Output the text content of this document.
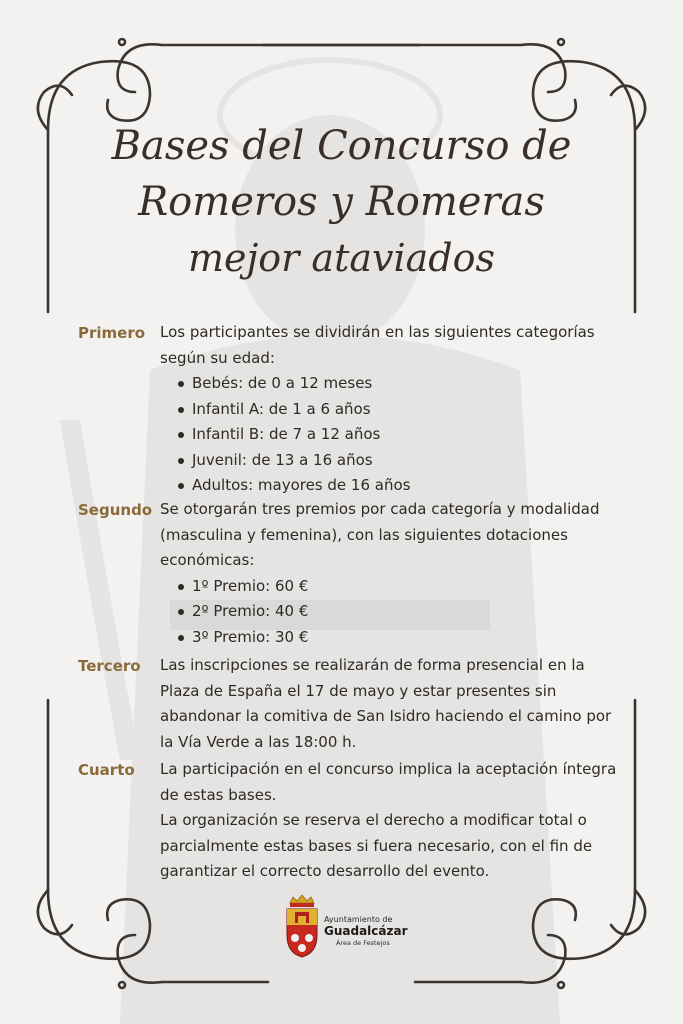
Bases del Concurso de
Romeros y Romeras
mejor ataviados
Primero Los participantes se dividirán en las siguientes categorías según su edad:
Bebés: de 0 a 12 meses
Infantil A: de 1 a 6 años
Infantil B: de 7 a 12 años
Juvenil: de 13 a 16 años
Adultos: mayores de 16 años
Segundo Se otorgarán tres premios por cada categoría y modalidad (masculina y femenina), con las siguientes dotaciones económicas:
1º Premio: 60 €
2º Premio: 40 €
3º Premio: 30 €
Tercero	Las inscripciones se realizarán de forma presencial en la Plaza de España el 17 de mayo y estar presentes sin abandonar la comitiva de San Isidro haciendo el camino por la Vía Verde a las 18:00 h.
Cuarto	La participación en el concurso implica la aceptación íntegra de estas bases.
La organización se reserva el derecho a modificar total o parcialmente estas bases si fuera necesario, con el fin de garantizar el correcto desarrollo del evento.
Ayuntamiento de
Guadalcázar
Área de Festejos
